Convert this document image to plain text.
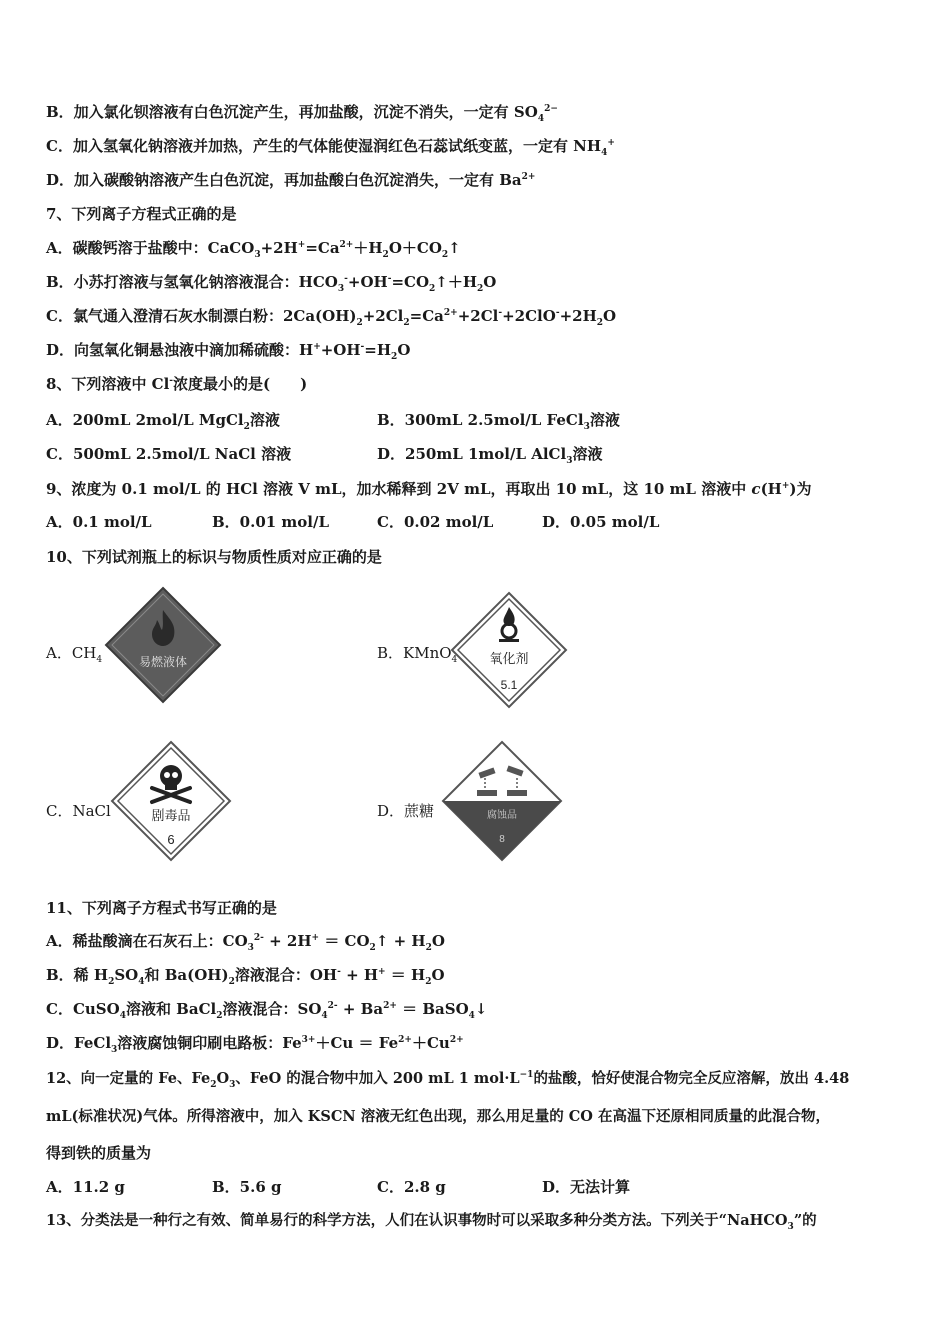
B．加入氯化钡溶液有白色沉淀产生，再加盐酸，沉淀不消失，一定有 $SO_4^{2-}$
C．加入氢氧化钠溶液并加热，产生的气体能使湿润红色石蕊试纸变蓝，一定有 $NH_4^+$
D．加入碳酸钠溶液产生白色沉淀，再加盐酸白色沉淀消失，一定有 $Ba^{2+}$
7、下列离子方程式正确的是
A．碳酸钙溶于盐酸中：$CaCO_3+2H^+=Ca^{2+}+H_2O+CO_2↑$
B．小苏打溶液与氢氧化钠溶液混合：$HCO_3^-+OH^-=CO_2↑+H_2O$
C．氯气通入澄清石灰水制漂白粉：$2Ca(OH)_2+2Cl_2=Ca^{2+}+2Cl^-+2ClO^-+2H_2O$
D．向氢氧化铜悬浊液中滴加稀硫酸：$H^++OH^-=H_2O$
8、下列溶液中 Cl-浓度最小的是(　　)
A．200mL 2mol/L MgCl$_2$溶液	B．300mL 2.5mol/L FeCl$_3$溶液
C．500mL 2.5mol/L NaCl 溶液	D．250mL 1mol/L AlCl$_3$溶液
9、浓度为 0.1 mol/L 的 HCl 溶液 V mL，加水稀释到 2V mL，再取出 10 mL，这 10 mL 溶液中 c(H+)为
A．0.1 mol/L	B．0.01 mol/L	C．0.02 mol/L	D．0.05 mol/L
10、下列试剂瓶上的标识与物质性质对应正确的是
A．$CH_4$	易燃液体	B．KMnO$_4$ 氧化剂
5.1
C．NaCl	剧毒品
6
D．蔗糖	腐蚀品
8
11、下列离子方程式书写正确的是
A．稀盐酸滴在石灰石上：$CO_3^{2-} + 2H^+$ ＝ $CO_2↑ + H_2O$
B．稀 $H_2SO_4$和 $Ba(OH)_2$溶液混合：$OH^- + H^+ = H_2O$
C．CuSO$_4$溶液和 BaCl$_2$溶液混合：$SO_4^{2-} + Ba^{2+}$ ＝ BaSO$_4$↓
D．FeCl$_3$溶液腐蚀铜印刷电路板：$Fe^{3+}+Cu = Fe^{2+}+Cu^{2+}$
12、向一定量的 Fe、$Fe_2O_3$、FeO 的混合物中加入 200 mL 1 $mol\cdot L^{-1}$的盐酸，恰好使混合物完全反应溶解，放出 4.48
mL(标准状况)气体。所得溶液中，加入 KSCN 溶液无红色出现，那么用足量的 CO 在高温下还原相同质量的此混合物，
得到铁的质量为
A．11.2 g	B．5.6 g	C．2.8 g	D．无法计算
13、分类法是一种行之有效、简单易行的科学方法，人们在认识事物时可以采取多种分类方法。下列关于“NaHCO$_3$”的
